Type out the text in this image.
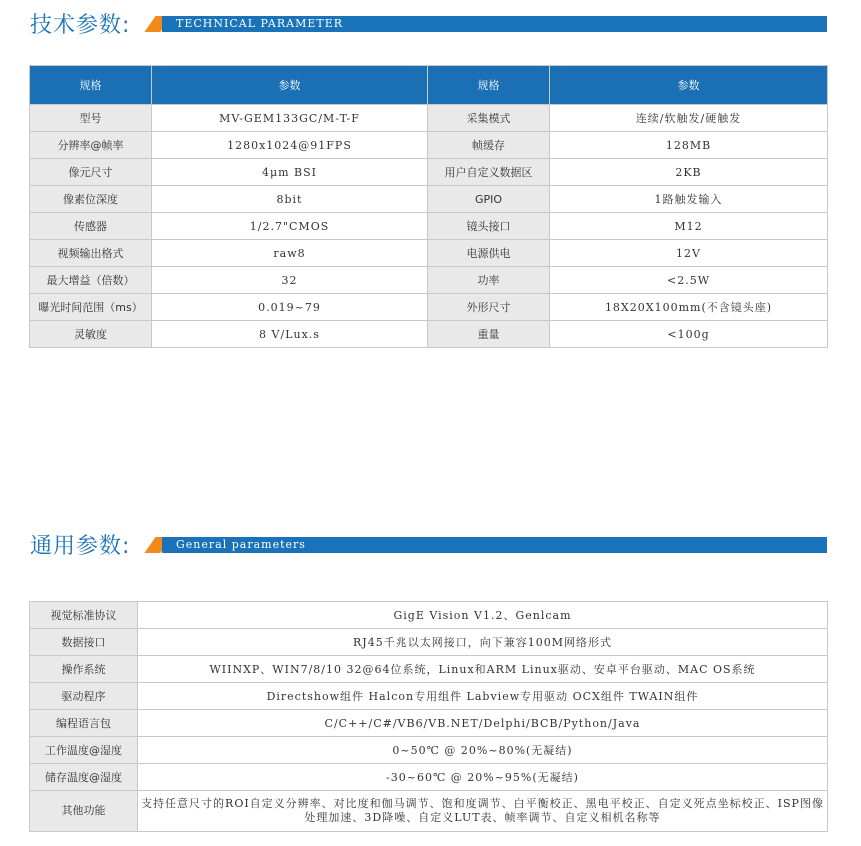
技术参数:	TECHNICAL PARAMETER
规格	参数	规格	参数
型号	MV-GEM133GC/M-T-F	采集模式	连续/软触发/硬触发
分辨率@帧率	1280x1024@91FPS	帧缓存	128MB
像元尺寸	4μm BSI	用户自定义数据区	2KB
像素位深度	8bit	GPIO	1路触发输入
传感器	1/2.7"CMOS	镜头接口	M12
视频输出格式	raw8	电源供电	12V
最大增益（倍数）	32	功率	<2.5W
曝光时间范围（ms）	0.019~79	外形尺寸	18X20X100mm(不含镜头座)
灵敏度	8 V/Lux.s	重量	<100g
通用参数:	General parameters
视觉标准协议	GigE Vision V1.2、Genlcam
数据接口	RJ45千兆以太网接口，向下兼容100M网络形式
操作系统	WIINXP、WIN7/8/10 32@64位系统，Linux和ARM Linux驱动、安卓平台驱动、MAC OS系统
驱动程序	Directshow组件 Halcon专用组件 Labview专用驱动 OCX组件 TWAIN组件
编程语言包	C/C++/C#/VB6/VB.NET/Delphi/BCB/Python/Java
工作温度@湿度	0~50℃ @ 20%~80%(无凝结)
储存温度@湿度	-30~60℃ @ 20%~95%(无凝结)
其他功能	支持任意尺寸的ROI自定义分辨率、对比度和伽马调节、饱和度调节、白平衡校正、黑电平校正、自定义死点坐标校正、ISP图像处理加速、3D降噪、自定义LUT表、帧率调节、自定义相机名称等
